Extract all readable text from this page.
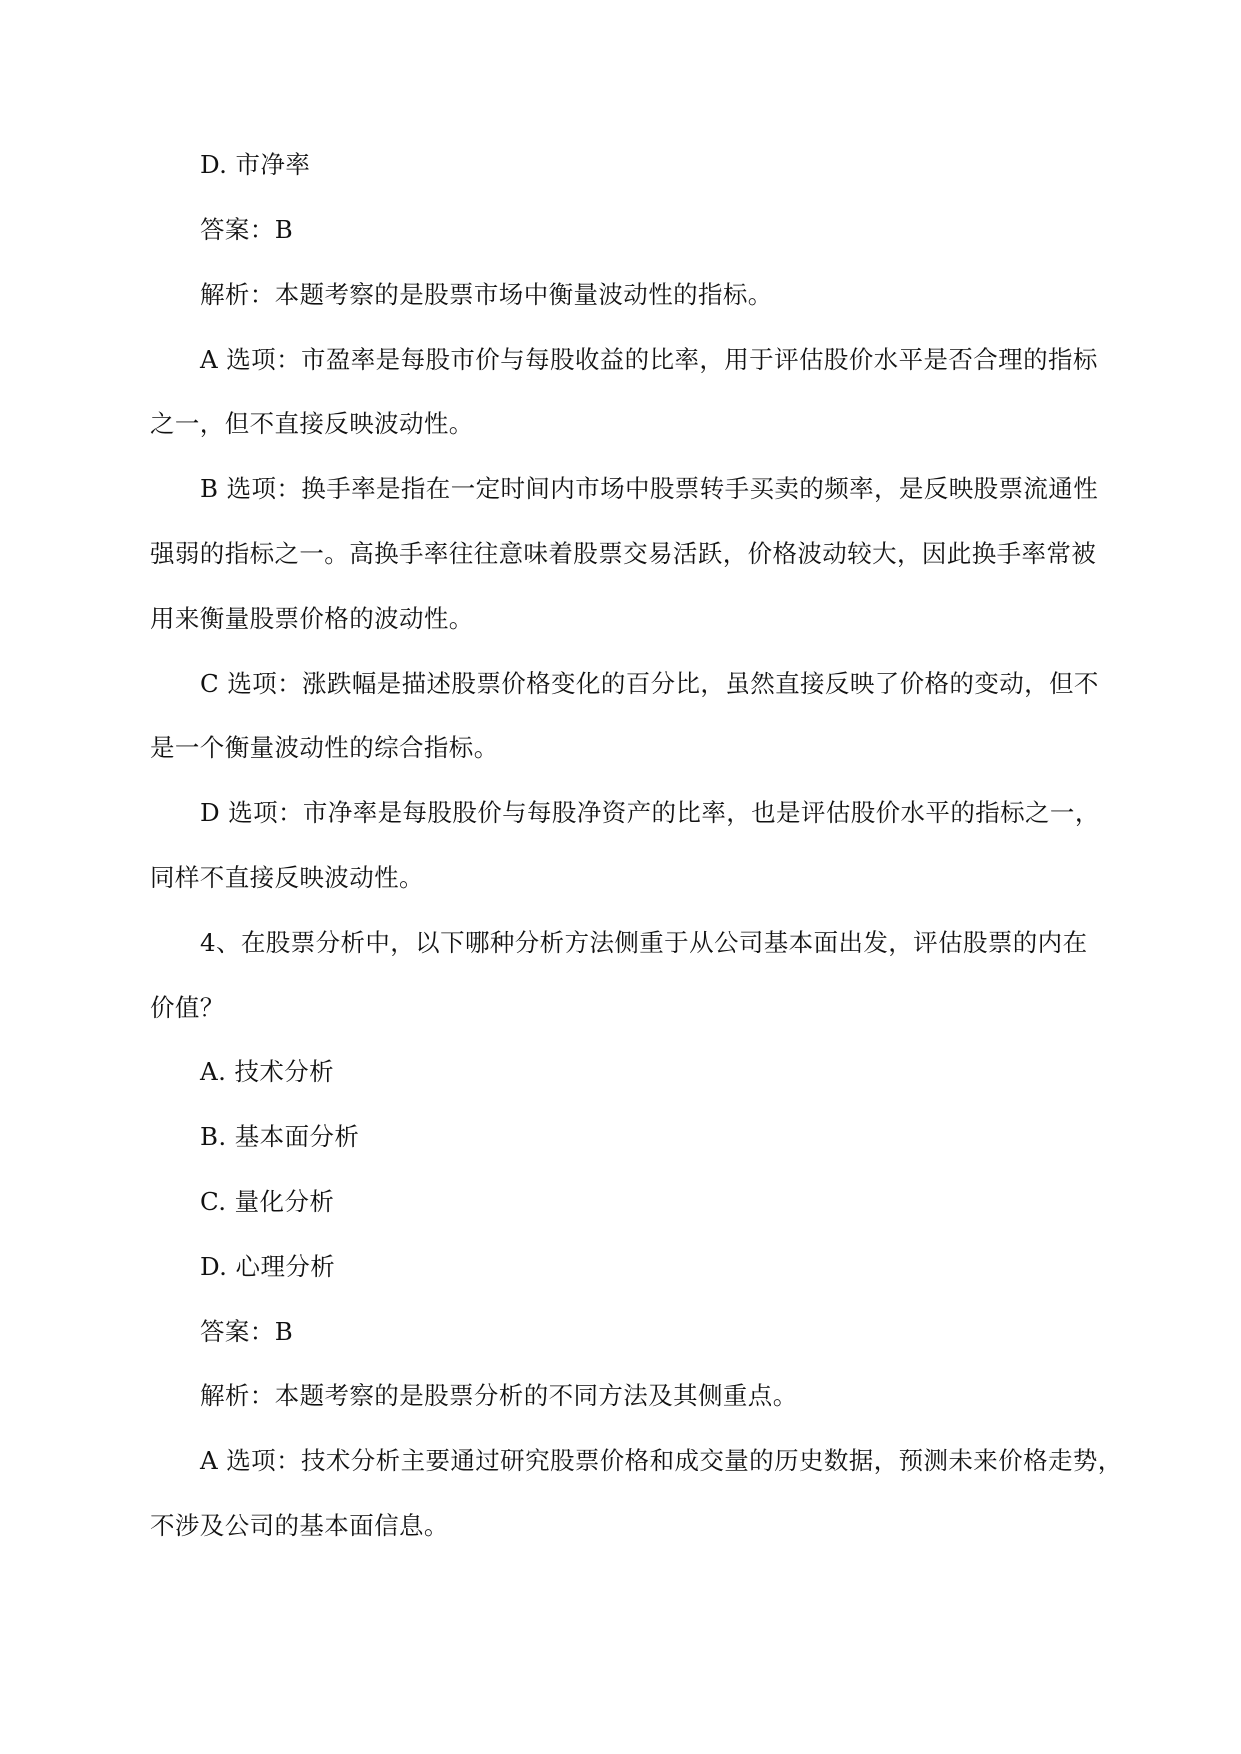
D. 市净率
答案：B
解析：本题考察的是股票市场中衡量波动性的指标。
A 选项：市盈率是每股市价与每股收益的比率，用于评估股价水平是否合理的指标
之一，但不直接反映波动性。
B 选项：换手率是指在一定时间内市场中股票转手买卖的频率，是反映股票流通性
强弱的指标之一。高换手率往往意味着股票交易活跃，价格波动较大，因此换手率常被
用来衡量股票价格的波动性。
C 选项：涨跌幅是描述股票价格变化的百分比，虽然直接反映了价格的变动，但不
是一个衡量波动性的综合指标。
D 选项：市净率是每股股价与每股净资产的比率，也是评估股价水平的指标之一，
同样不直接反映波动性。
4、在股票分析中，以下哪种分析方法侧重于从公司基本面出发，评估股票的内在
价值？
A. 技术分析
B. 基本面分析
C. 量化分析
D. 心理分析
答案：B
解析：本题考察的是股票分析的不同方法及其侧重点。
A 选项：技术分析主要通过研究股票价格和成交量的历史数据，预测未来价格走势，
不涉及公司的基本面信息。
